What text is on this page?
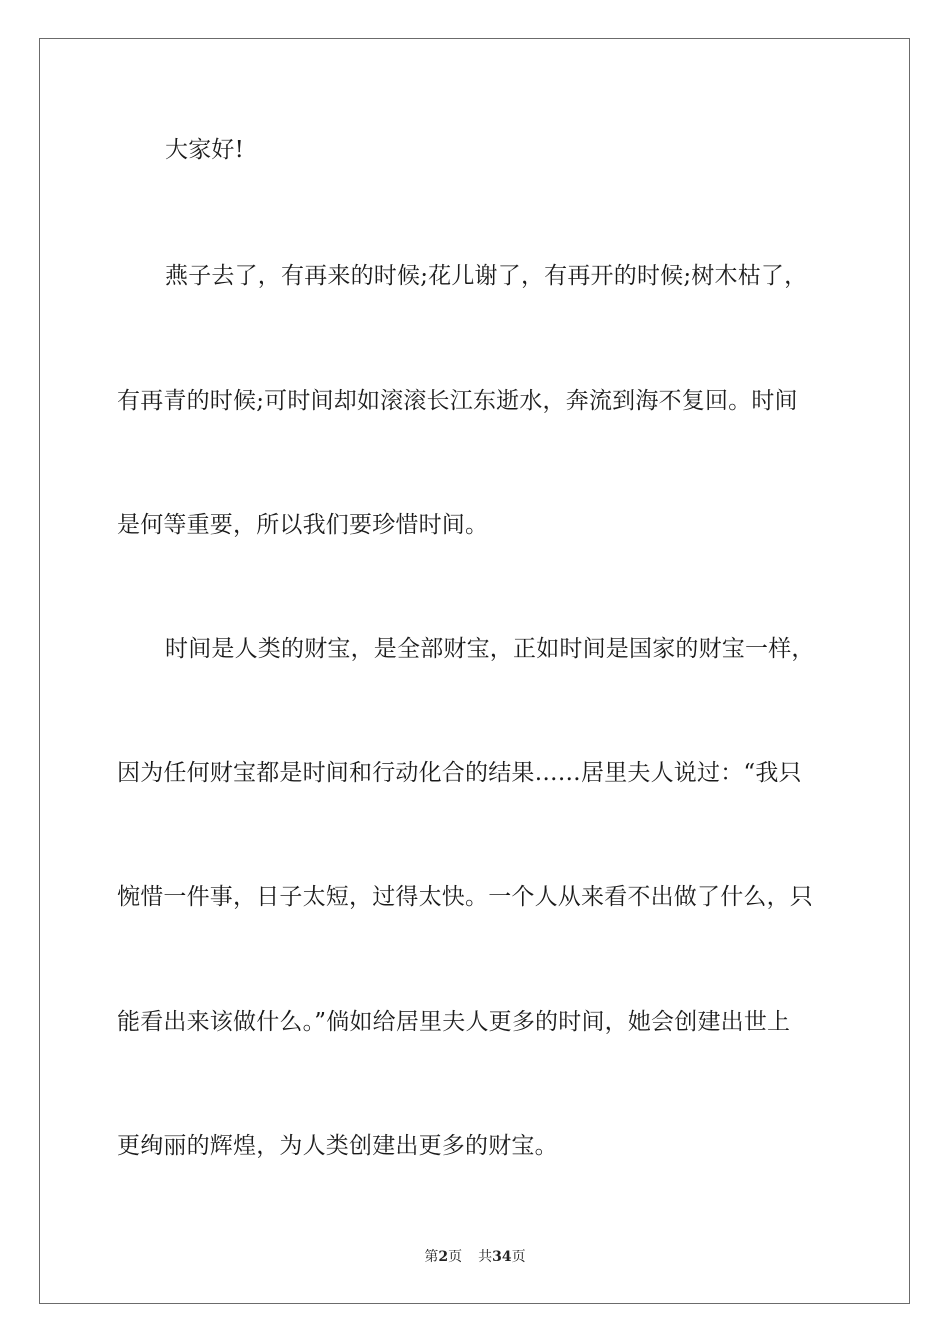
大家好!
燕子去了，有再来的时候;花儿谢了，有再开的时候;树木枯了，
有再青的时候;可时间却如滚滚长江东逝水，奔流到海不复回。时间
是何等重要，所以我们要珍惜时间。
时间是人类的财宝，是全部财宝，正如时间是国家的财宝一样，
因为任何财宝都是时间和行动化合的结果……居里夫人说过：“我只
惋惜一件事，日子太短，过得太快。一个人从来看不出做了什么，只
能看出来该做什么。”倘如给居里夫人更多的时间，她会创建出世上
更绚丽的辉煌，为人类创建出更多的财宝。
第2页 共34页
